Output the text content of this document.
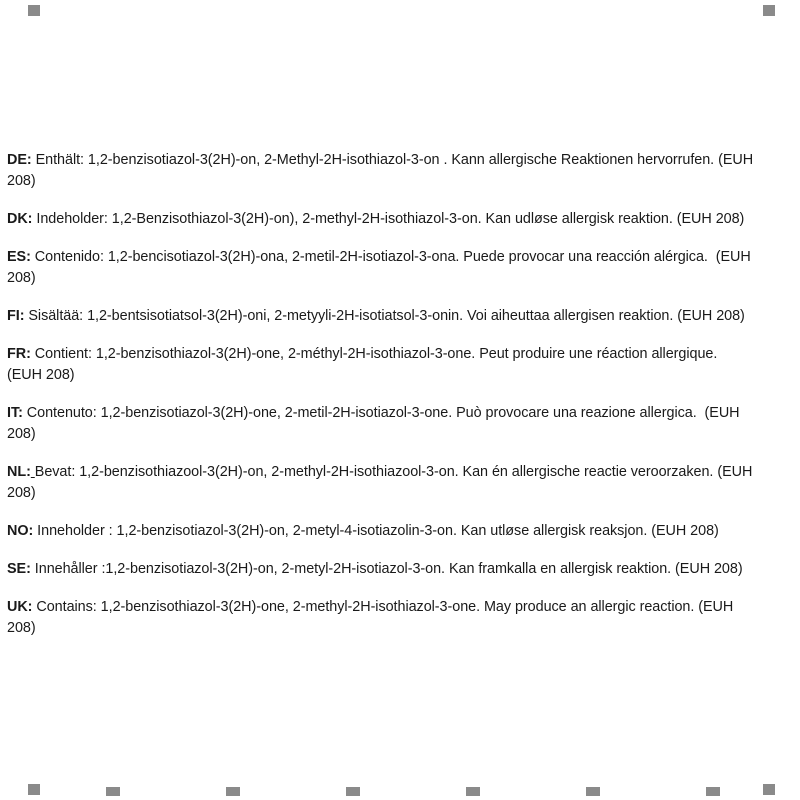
DE: Enthält: 1,2-benzisotiazol-3(2H)-on, 2-Methyl-2H-isothiazol-3-on . Kann allergische Reaktionen hervorrufen. (EUH
208)

DK: Indeholder: 1,2-Benzisothiazol-3(2H)-on), 2-methyl-2H-isothiazol-3-on. Kan udløse allergisk reaktion. (EUH 208)

ES: Contenido: 1,2-bencisotiazol-3(2H)-ona, 2-metil-2H-isotiazol-3-ona. Puede provocar una reacción alérgica.  (EUH
208)

FI: Sisältää: 1,2-bentsisotiatsol-3(2H)-oni, 2-metyyli-2H-isotiatsol-3-onin. Voi aiheuttaa allergisen reaktion. (EUH 208)

FR: Contient: 1,2-benzisothiazol-3(2H)-one, 2-méthyl-2H-isothiazol-3-one. Peut produire une réaction allergique.
(EUH 208)

IT: Contenuto: 1,2-benzisotiazol-3(2H)-one, 2-metil-2H-isotiazol-3-one. Può provocare una reazione allergica.  (EUH
208)

NL: Bevat: 1,2-benzisothiazool-3(2H)-on, 2-methyl-2H-isothiazool-3-on. Kan én allergische reactie veroorzaken. (EUH
208)

NO: Inneholder : 1,2-benzisotiazol-3(2H)-on, 2-metyl-4-isotiazolin-3-on. Kan utløse allergisk reaksjon. (EUH 208)

SE: Innehåller :1,2-benzisotiazol-3(2H)-on, 2-metyl-2H-isotiazol-3-on. Kan framkalla en allergisk reaktion. (EUH 208)

UK: Contains: 1,2-benzisothiazol-3(2H)-one, 2-methyl-2H-isothiazol-3-one. May produce an allergic reaction. (EUH
208)
